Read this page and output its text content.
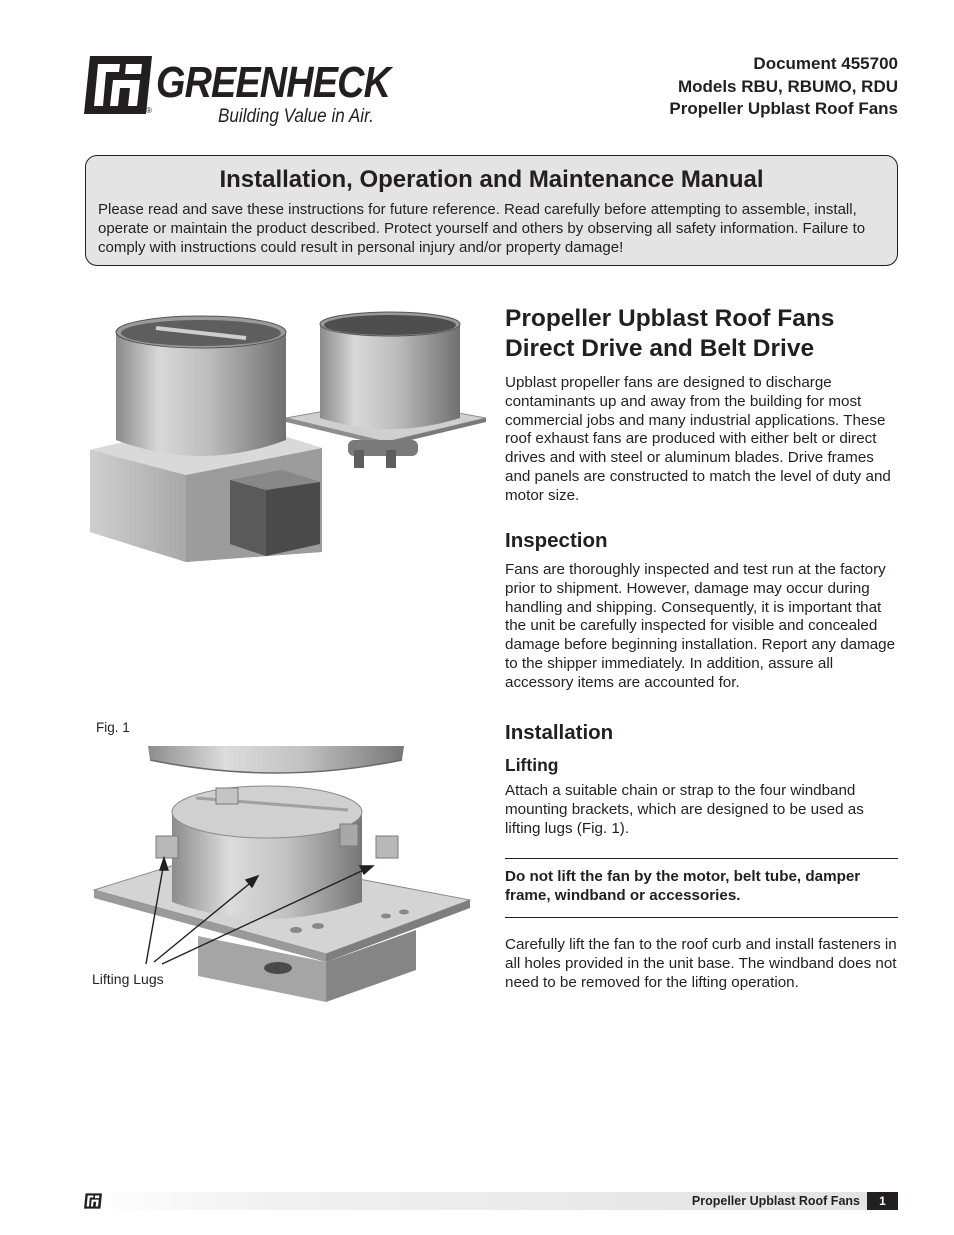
®
GREENHECK
Building Value in Air.
Document 455700
Models RBU, RBUMO, RDU
Propeller Upblast Roof Fans
Installation, Operation and Maintenance Manual

Please read and save these instructions for future reference. Read carefully before attempting to assemble, install, operate or maintain the product described. Protect yourself and others by observing all safety information. Failure to comply with instructions could result in personal injury and/or property damage!

Fig. 1
Lifting Lugs
Propeller Upblast Roof Fans
Direct Drive and Belt Drive
Upblast propeller fans are designed to discharge contaminants up and away from the building for most commercial jobs and many industrial applications. These roof exhaust fans are produced with either belt or direct drives and with steel or aluminum blades. Drive frames and panels are constructed to match the level of duty and motor size.
Inspection
Fans are thoroughly inspected and test run at the factory prior to shipment. However, damage may occur during handling and shipping. Consequently, it is important that the unit be carefully inspected for visible and concealed damage before beginning installation. Report any damage to the shipper immediately. In addition, assure all accessory items are accounted for.
Installation
Lifting
Attach a suitable chain or strap to the four windband mounting brackets, which are designed to be used as lifting lugs (Fig. 1).
Do not lift the fan by the motor, belt tube, damper frame, windband or accessories.
Carefully lift the fan to the roof curb and install fasteners in all holes provided in the unit base. The windband does not need to be removed for the lifting operation.
Propeller Upblast Roof Fans	1
